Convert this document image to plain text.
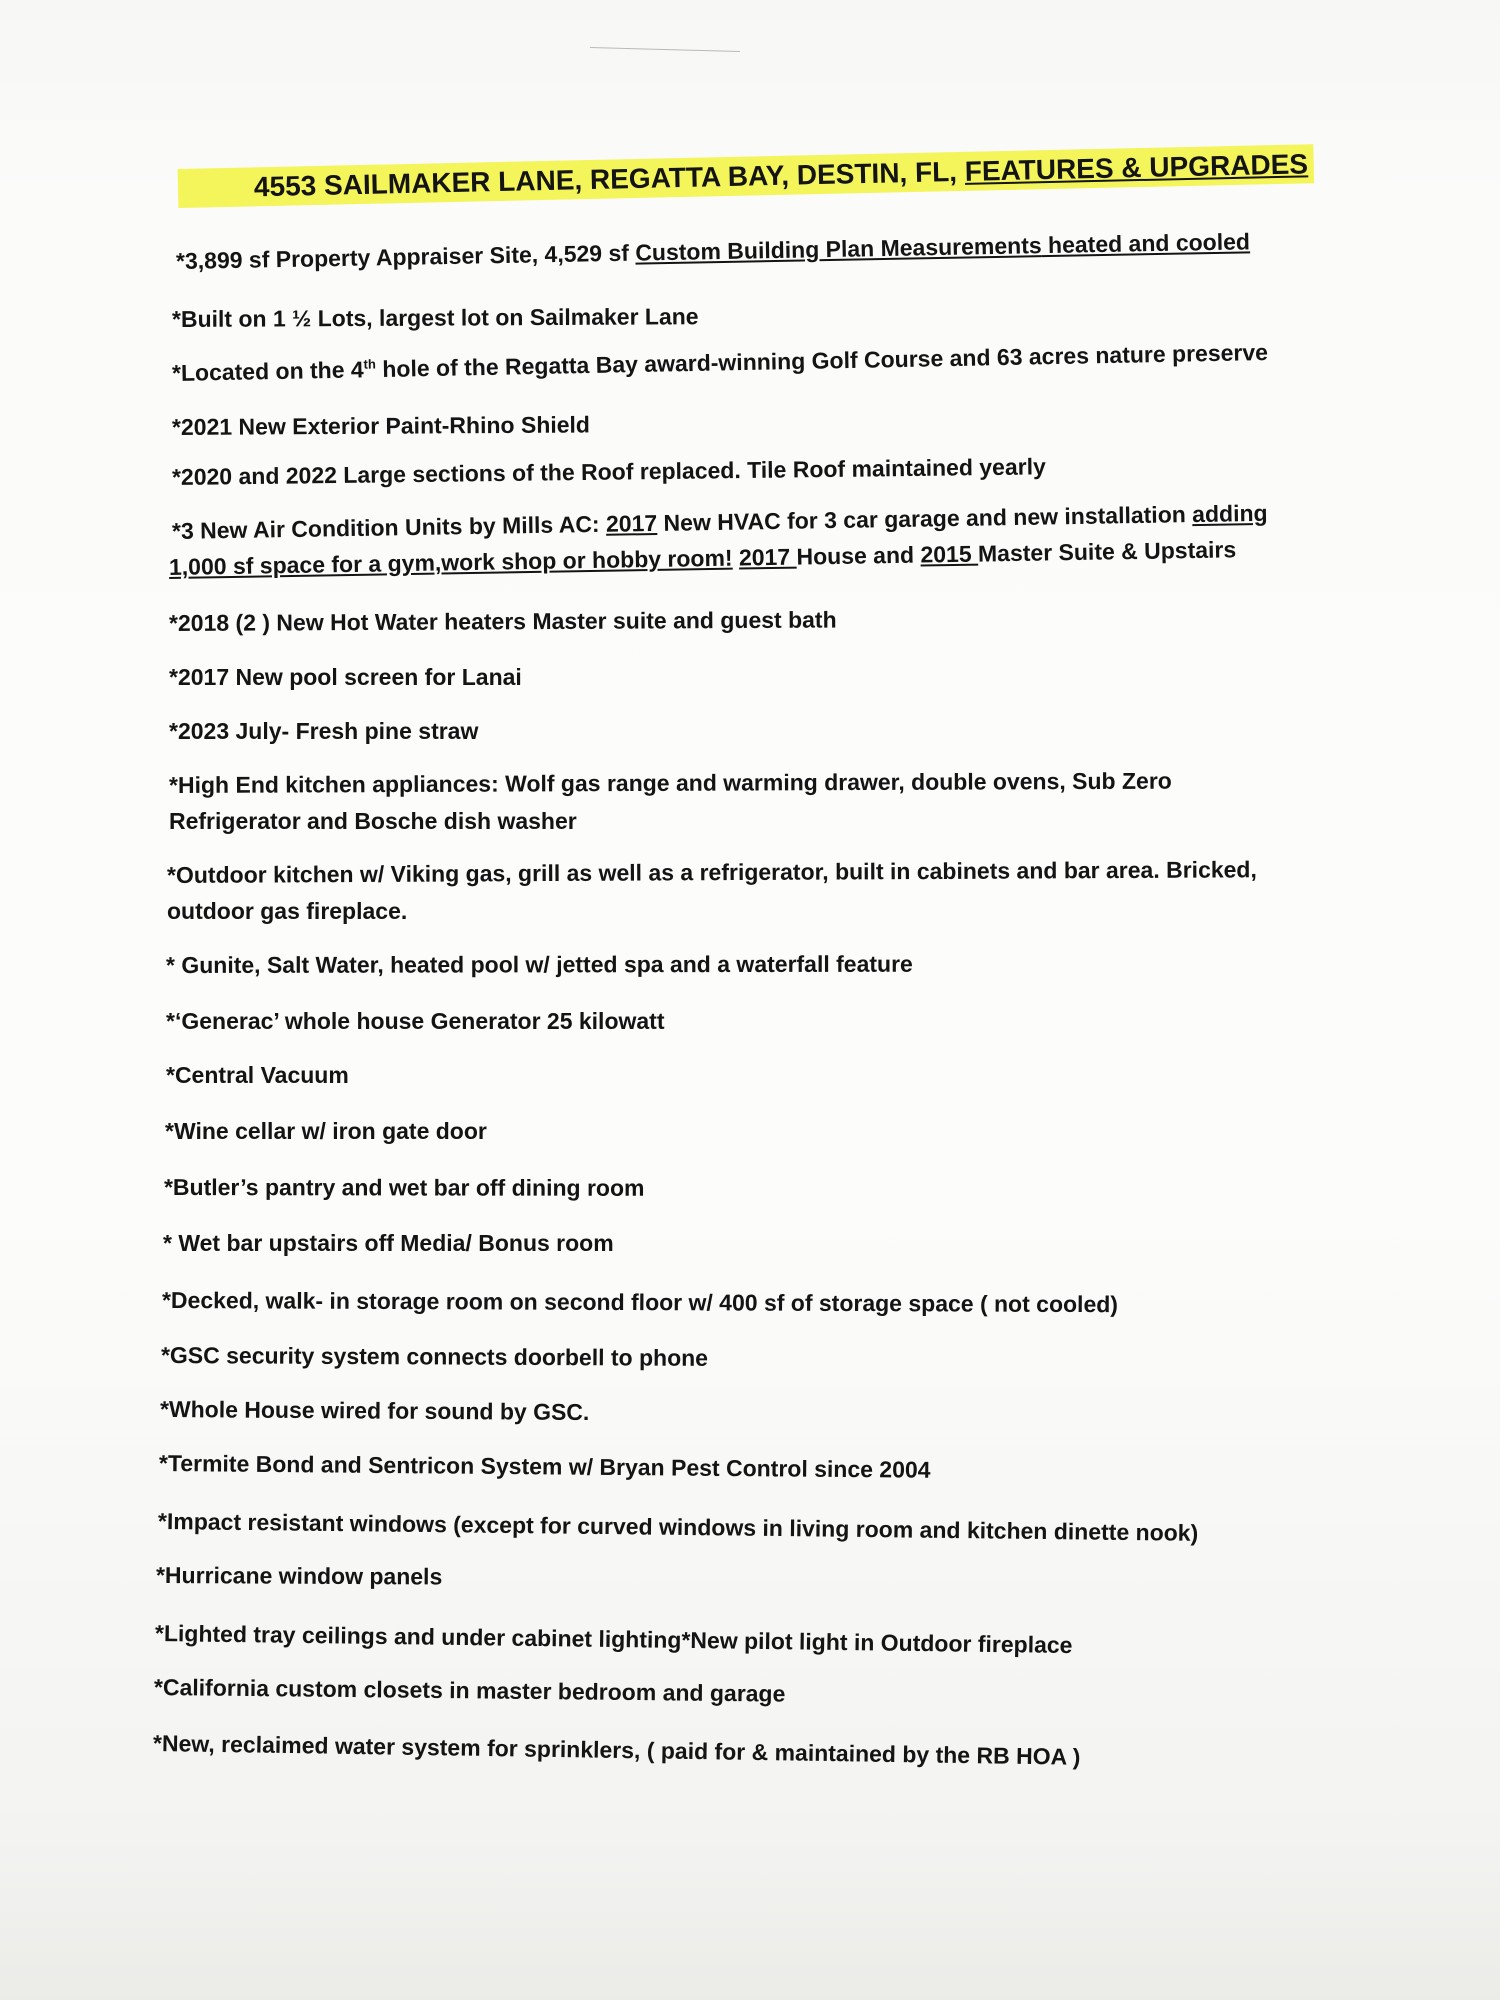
4553 SAILMAKER LANE, REGATTA BAY, DESTIN, FL, FEATURES & UPGRADES
*3,899 sf Property Appraiser Site, 4,529 sf Custom Building Plan Measurements heated and cooled
*Built on 1 ½ Lots, largest lot on Sailmaker Lane
*Located on the 4th hole of the Regatta Bay award-winning Golf Course and 63 acres nature preserve
*2021 New Exterior Paint-Rhino Shield
*2020 and 2022 Large sections of the Roof replaced. Tile Roof maintained yearly
*3 New Air Condition Units by Mills AC: 2017 New HVAC for 3 car garage and new installation adding
1,000 sf space for a gym,work shop or hobby room! 2017 House and 2015 Master Suite & Upstairs
*2018 (2 ) New Hot Water heaters Master suite and guest bath
*2017 New pool screen for Lanai
*2023 July- Fresh pine straw
*High End kitchen appliances: Wolf gas range and warming drawer, double ovens, Sub Zero
Refrigerator and Bosche dish washer
*Outdoor kitchen w/ Viking gas, grill as well as a refrigerator, built in cabinets and bar area. Bricked,
outdoor gas fireplace.
* Gunite, Salt Water, heated pool w/ jetted spa and a waterfall feature
*‘Generac’ whole house Generator 25 kilowatt
*Central Vacuum
*Wine cellar w/ iron gate door
*Butler’s pantry and wet bar off dining room
* Wet bar upstairs off Media/ Bonus room
*Decked, walk- in storage room on second floor w/ 400 sf of storage space ( not cooled)
*GSC security system connects doorbell to phone
*Whole House wired for sound by GSC.
*Termite Bond and Sentricon System w/ Bryan Pest Control since 2004
*Impact resistant windows (except for curved windows in living room and kitchen dinette nook)
*Hurricane window panels
*Lighted tray ceilings and under cabinet lighting*New pilot light in Outdoor fireplace
*California custom closets in master bedroom and garage
*New, reclaimed water system for sprinklers, ( paid for & maintained by the RB HOA )
